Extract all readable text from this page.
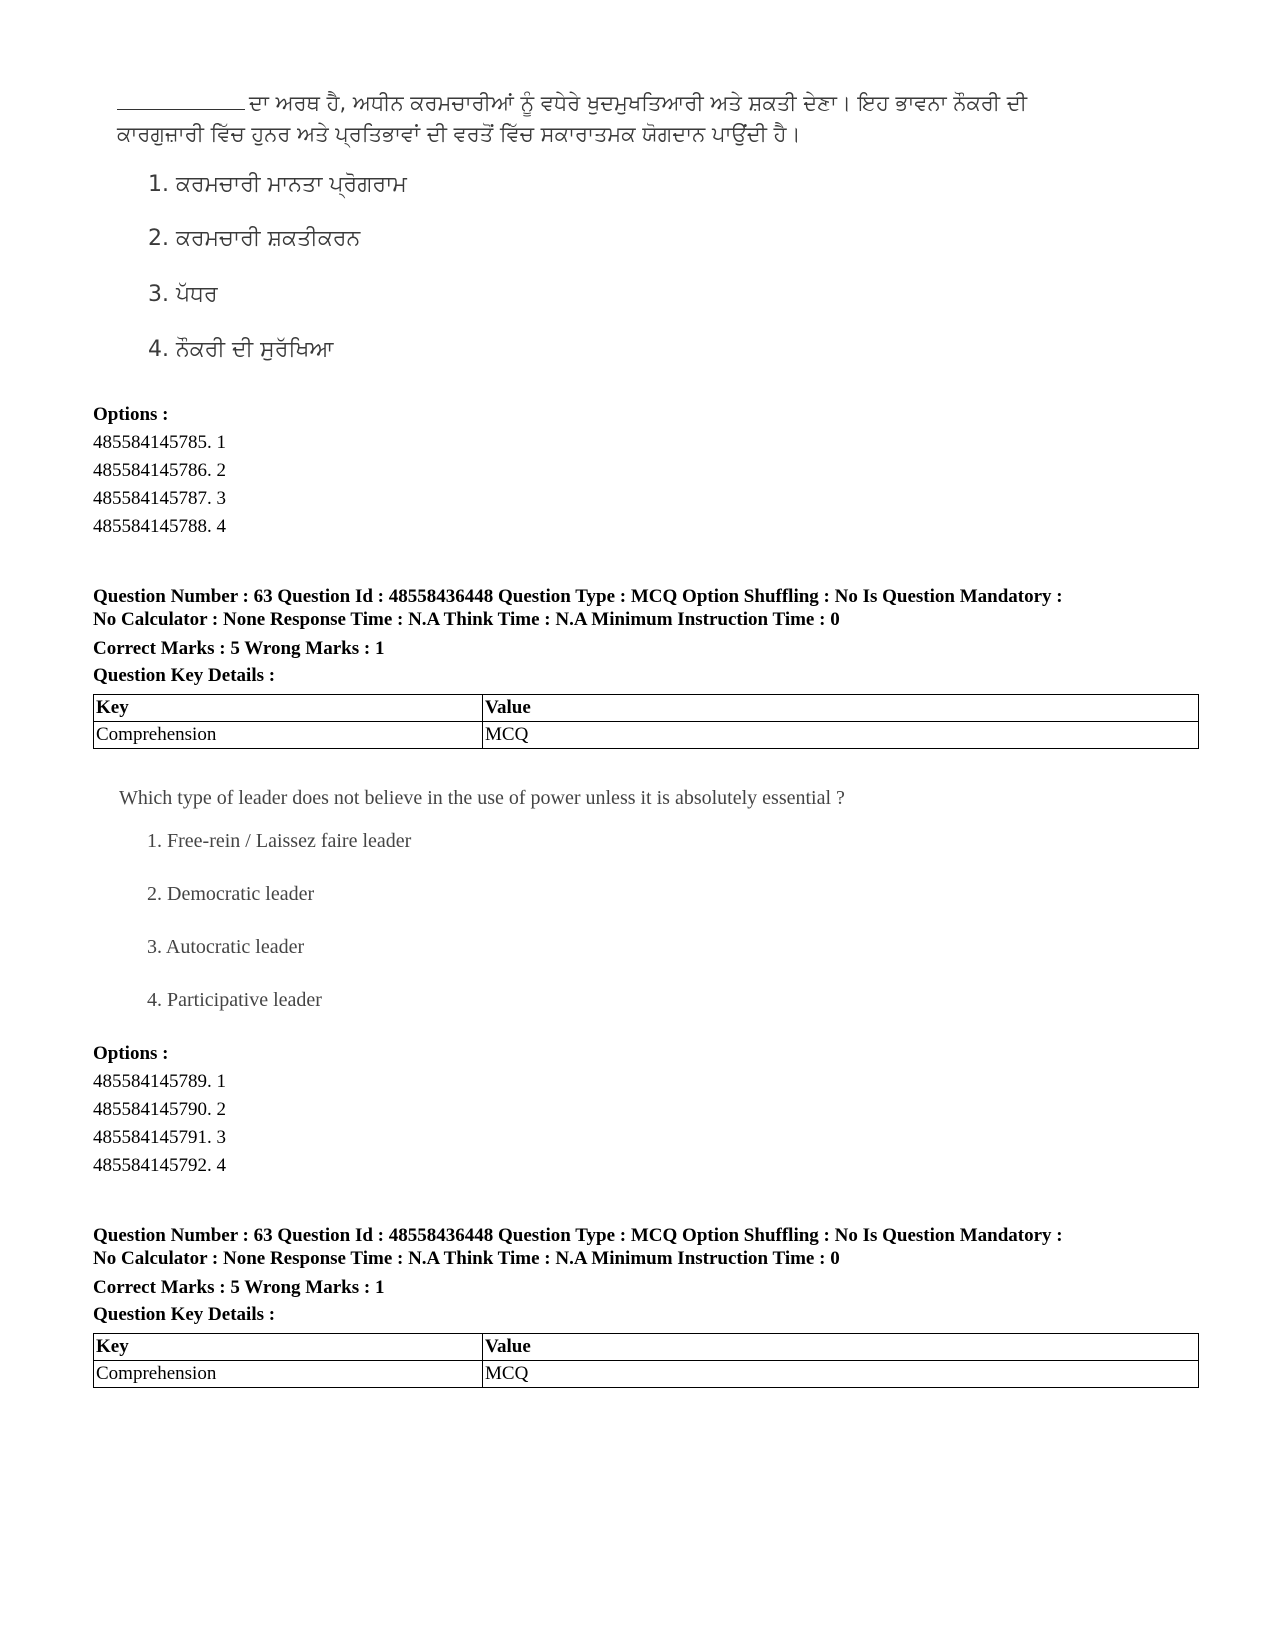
ਦਾ ਅਰਥ ਹੈ, ਅਧੀਨ ਕਰਮਚਾਰੀਆਂ ਨੂੰ ਵਧੇਰੇ ਖੁਦਮੁਖਤਿਆਰੀ ਅਤੇ ਸ਼ਕਤੀ ਦੇਣਾ। ਇਹ ਭਾਵਨਾ ਨੌਕਰੀ ਦੀ ਕਾਰਗੁਜ਼ਾਰੀ ਵਿੱਚ ਹੁਨਰ ਅਤੇ ਪ੍ਰਤਿਭਾਵਾਂ ਦੀ ਵਰਤੋਂ ਵਿੱਚ ਸਕਾਰਾਤਮਕ ਯੋਗਦਾਨ ਪਾਉਂਦੀ ਹੈ।
1. ਕਰਮਚਾਰੀ ਮਾਨਤਾ ਪ੍ਰੋਗਰਾਮ
2. ਕਰਮਚਾਰੀ ਸ਼ਕਤੀਕਰਨ
3. ਪੱਧਰ
4. ਨੌਕਰੀ ਦੀ ਸੁਰੱਖਿਆ
Options :
485584145785. 1
485584145786. 2
485584145787. 3
485584145788. 4
Question Number : 63 Question Id : 48558436448 Question Type : MCQ Option Shuffling : No Is Question Mandatory :
No Calculator : None Response Time : N.A Think Time : N.A Minimum Instruction Time : 0
Correct Marks : 5 Wrong Marks : 1
Question Key Details :
Key	Value
Comprehension	MCQ
Which type of leader does not believe in the use of power unless it is absolutely essential ?
1. Free-rein / Laissez faire leader
2. Democratic leader
3. Autocratic leader
4. Participative leader
Options :
485584145789. 1
485584145790. 2
485584145791. 3
485584145792. 4
Question Number : 63 Question Id : 48558436448 Question Type : MCQ Option Shuffling : No Is Question Mandatory :
No Calculator : None Response Time : N.A Think Time : N.A Minimum Instruction Time : 0
Correct Marks : 5 Wrong Marks : 1
Question Key Details :
Key	Value
Comprehension	MCQ
